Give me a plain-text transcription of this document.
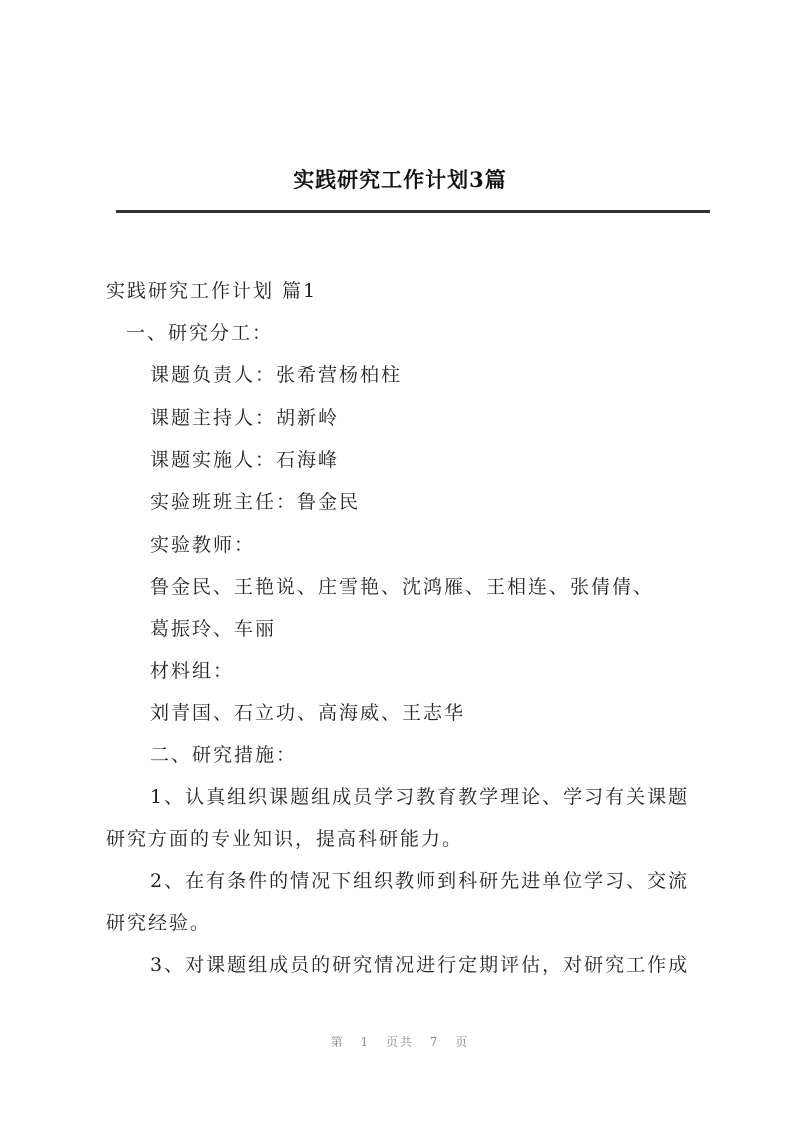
实践研究工作计划3篇
实践研究工作计划 篇1
一、研究分工：
课题负责人：张希营杨柏柱
课题主持人：胡新岭
课题实施人：石海峰
实验班班主任：鲁金民
实验教师：
鲁金民、王艳说、庄雪艳、沈鸿雁、王相连、张倩倩、
葛振玲、车丽
材料组：
刘青国、石立功、高海威、王志华
二、研究措施：
1、认真组织课题组成员学习教育教学理论、学习有关课题
研究方面的专业知识，提高科研能力。
2、在有条件的情况下组织教师到科研先进单位学习、交流
研究经验。
3、对课题组成员的研究情况进行定期评估，对研究工作成
第 1 页共 7 页
